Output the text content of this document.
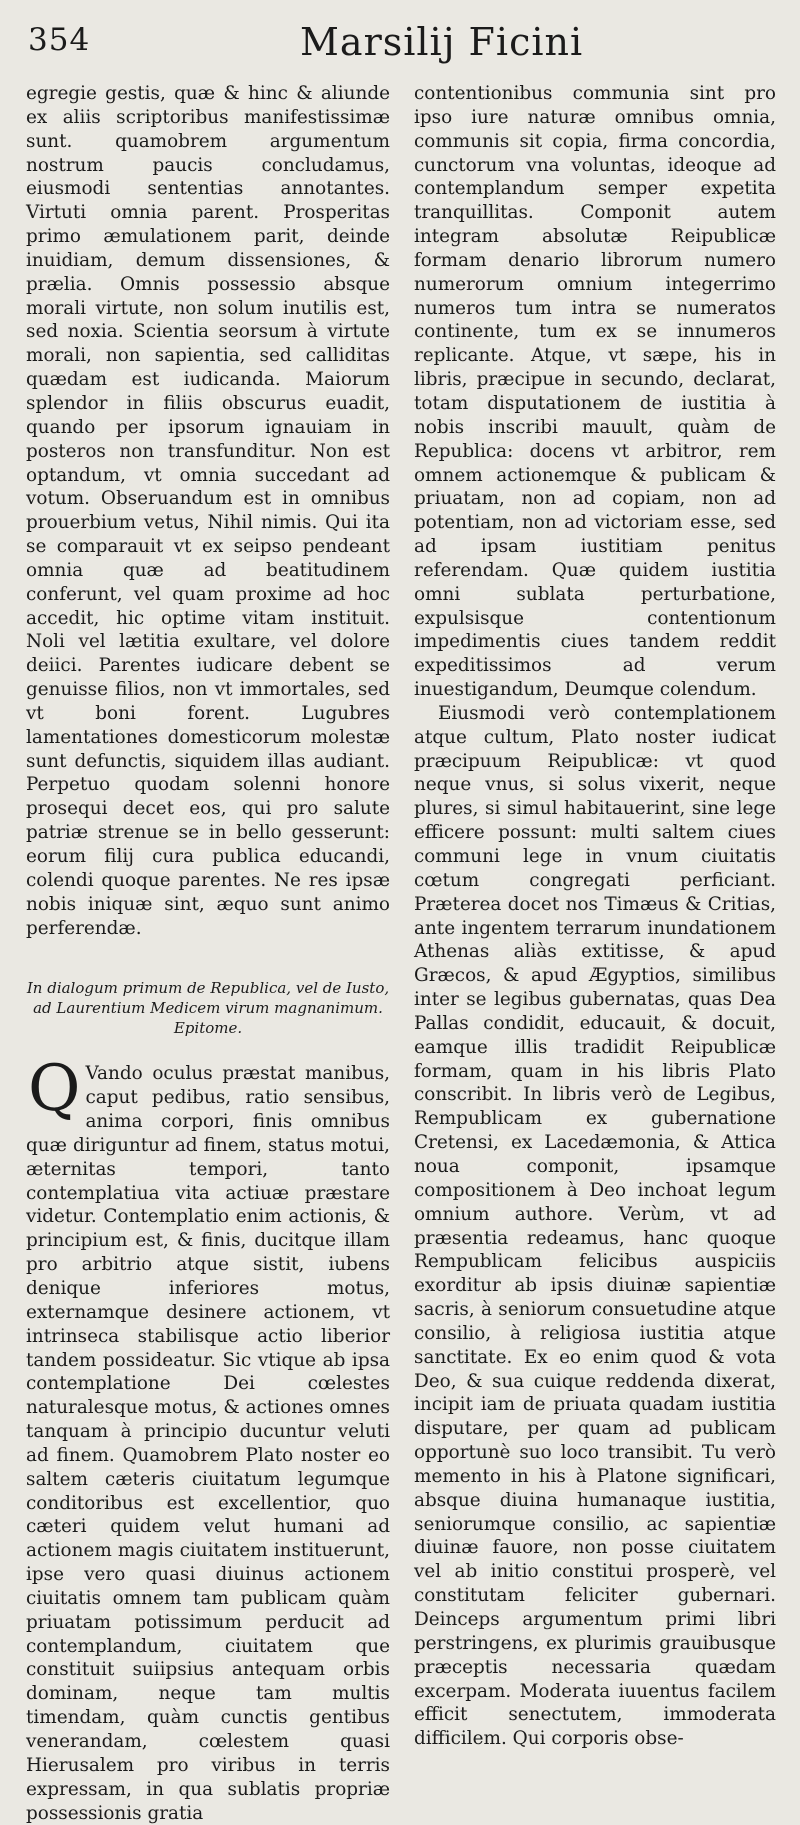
354	Marsilij Ficini

egregie gestis, quæ & hinc & aliunde ex aliis scriptoribus manifestissimæ sunt. quamobrem argumentum nostrum paucis concludamus, eiusmodi sententias annotantes. Virtuti omnia parent. Prosperitas primo æmulationem parit, deinde inuidiam, demum dissensiones, & prælia. Omnis possessio absque morali virtute, non solum inutilis est, sed noxia. Scientia seorsum à virtute morali, non sapientia, sed calliditas quædam est iudicanda. Maiorum splendor in filiis obscurus euadit, quando per ipsorum ignauiam in posteros non transfunditur. Non est optandum, vt omnia succedant ad votum. Obseruandum est in omnibus prouerbium vetus, Nihil nimis. Qui ita se comparauit vt ex seipso pendeant omnia quæ ad beatitudinem conferunt, vel quam proxime ad hoc accedit, hic optime vitam instituit. Noli vel lætitia exultare, vel dolore deiici. Parentes iudicare debent se genuisse filios, non vt immortales, sed vt boni forent. Lugubres lamentationes domesticorum molestæ sunt defunctis, siquidem illas audiant. Perpetuo quodam solenni honore prosequi decet eos, qui pro salute patriæ strenue se in bello gesserunt: eorum filij cura publica educandi, colendi quoque parentes. Ne res ipsæ nobis iniquæ sint, æquo sunt animo perferendæ.

In dialogum primum de Republica, vel de Iusto, ad Laurentium Medicem virum magnanimum. Epitome.

Q Vando oculus præstat manibus, caput pedibus, ratio sensibus, anima corpori, finis omnibus quæ diriguntur ad finem, status motui, æternitas tempori, tanto contemplatiua vita actiuæ præstare videtur. Contemplatio enim actionis, & principium est, & finis, ducitque illam pro arbitrio atque sistit, iubens denique inferiores motus, externamque desinere actionem, vt intrinseca stabilisque actio liberior tandem possideatur. Sic vtique ab ipsa contemplatione Dei cœlestes naturalesque motus, & actiones omnes tanquam à principio ducuntur veluti ad finem. Quamobrem Plato noster eo saltem cæteris ciuitatum legumque conditoribus est excellentior, quo cæteri quidem velut humani ad actionem magis ciuitatem instituerunt, ipse vero quasi diuinus actionem ciuitatis omnem tam publicam quàm priuatam potissimum perducit ad contemplandum, ciuitatem que constituit suiipsius antequam orbis dominam, neque tam multis timendam, quàm cunctis gentibus venerandam, cœlestem quasi Hierusalem pro viribus in terris expressam, in qua sublatis propriæ possessionis gratia

contentionibus communia sint pro ipso iure naturæ omnibus omnia, communis sit copia, firma concordia, cunctorum vna voluntas, ideoque ad contemplandum semper expetita tranquillitas. Componit autem integram absolutæ Reipublicæ formam denario librorum numero numerorum omnium integerrimo numeros tum intra se numeratos continente, tum ex se innumeros replicante. Atque, vt sæpe, his in libris, præcipue in secundo, declarat, totam disputationem de iustitia à nobis inscribi mauult, quàm de Republica: docens vt arbitror, rem omnem actionemque & publicam & priuatam, non ad copiam, non ad potentiam, non ad victoriam esse, sed ad ipsam iustitiam penitus referendam. Quæ quidem iustitia omni sublata perturbatione, expulsisque contentionum impedimentis ciues tandem reddit expeditissimos ad verum inuestigandum, Deumque colendum.

Eiusmodi verò contemplationem atque cultum, Plato noster iudicat præcipuum Reipublicæ: vt quod neque vnus, si solus vixerit, neque plures, si simul habitauerint, sine lege efficere possunt: multi saltem ciues communi lege in vnum ciuitatis cœtum congregati perficiant. Præterea docet nos Timæus & Critias, ante ingentem terrarum inundationem Athenas aliàs extitisse, & apud Græcos, & apud Ægyptios, similibus inter se legibus gubernatas, quas Dea Pallas condidit, educauit, & docuit, eamque illis tradidit Reipublicæ formam, quam in his libris Plato conscribit. In libris verò de Legibus, Rempublicam ex gubernatione Cretensi, ex Lacedæmonia, & Attica noua componit, ipsamque compositionem à Deo inchoat legum omnium authore. Verùm, vt ad præsentia redeamus, hanc quoque Rempublicam felicibus auspiciis exorditur ab ipsis diuinæ sapientiæ sacris, à seniorum consuetudine atque consilio, à religiosa iustitia atque sanctitate. Ex eo enim quod & vota Deo, & sua cuique reddenda dixerat, incipit iam de priuata quadam iustitia disputare, per quam ad publicam opportunè suo loco transibit. Tu verò memento in his à Platone significari, absque diuina humanaque iustitia, seniorumque consilio, ac sapientiæ diuinæ fauore, non posse ciuitatem vel ab initio constitui prosperè, vel constitutam feliciter gubernari. Deinceps argumentum primi libri perstringens, ex plurimis grauibusque præceptis necessaria quædam excerpam. Moderata iuuentus facilem efficit senectutem, immoderata difficilem. Qui corporis obse-
